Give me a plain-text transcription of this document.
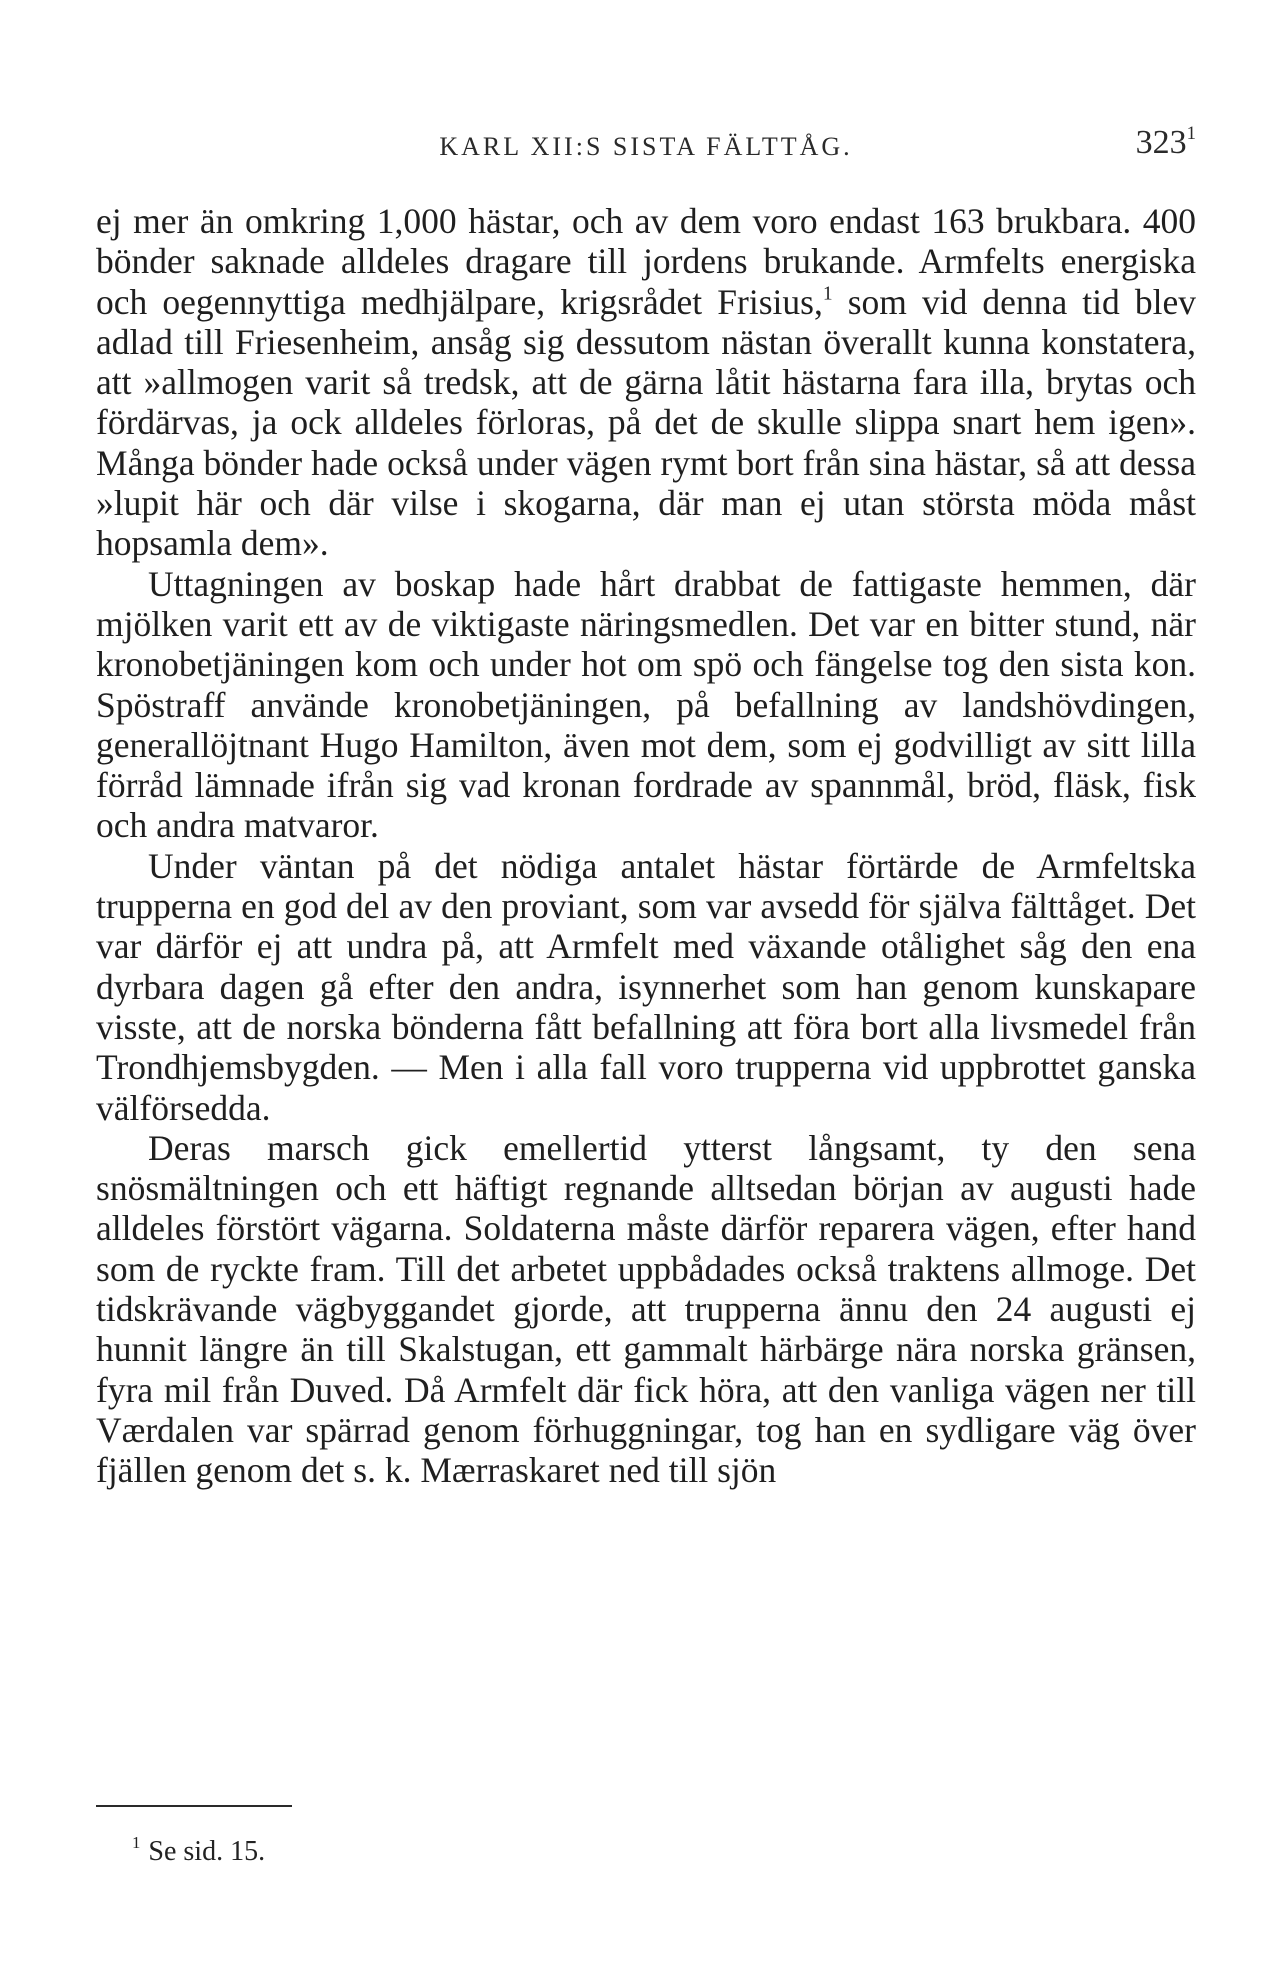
KARL XII:S SISTA FÄLTTÅG.	$323^1$

ej mer än omkring 1,000 hästar, och av dem voro endast 163 brukbara. 400 bönder saknade alldeles dragare till jordens brukande. Armfelts energiska och oegennyttiga medhjälpare, krigsrådet Frisius,$^1$ som vid denna tid blev adlad till Friesenheim, ansåg sig dessutom nästan överallt kunna konstatera, att »allmogen varit så tredsk, att de gärna låtit hästarna fara illa, brytas och fördärvas, ja ock alldeles förloras, på det de skulle slippa snart hem igen». Många bönder hade också under vägen rymt bort från sina hästar, så att dessa »lupit här och där vilse i skogarna, där man ej utan största möda måst hopsamla dem».

Uttagningen av boskap hade hårt drabbat de fattigaste hemmen, där mjölken varit ett av de viktigaste näringsmedlen. Det var en bitter stund, när kronobetjäningen kom och under hot om spö och fängelse tog den sista kon. Spöstraff använde kronobetjäningen, på befallning av landshövdingen, generallöjtnant Hugo Hamilton, även mot dem, som ej godvilligt av sitt lilla förråd lämnade ifrån sig vad kronan fordrade av spannmål, bröd, fläsk, fisk och andra matvaror.

Under väntan på det nödiga antalet hästar förtärde de Armfeltska trupperna en god del av den proviant, som var avsedd för själva fälttåget. Det var därför ej att undra på, att Armfelt med växande otålighet såg den ena dyrbara dagen gå efter den andra, isynnerhet som han genom kunskapare visste, att de norska bönderna fått befallning att föra bort alla livsmedel från Trondhjemsbygden. — Men i alla fall voro trupperna vid uppbrottet ganska välförsedda.

Deras marsch gick emellertid ytterst långsamt, ty den sena snösmältningen och ett häftigt regnande alltsedan början av augusti hade alldeles förstört vägarna. Soldaterna måste därför reparera vägen, efter hand som de ryckte fram. Till det arbetet uppbådades också traktens allmoge. Det tidskrävande vägbyggandet gjorde, att trupperna ännu den 24 augusti ej hunnit längre än till Skalstugan, ett gammalt härbärge nära norska gränsen, fyra mil från Duved. Då Armfelt där fick höra, att den vanliga vägen ner till Værdalen var spärrad genom förhuggningar, tog han en sydligare väg över fjällen genom det s. k. Mærraskaret ned till sjön

$^1$ Se sid. 15.
